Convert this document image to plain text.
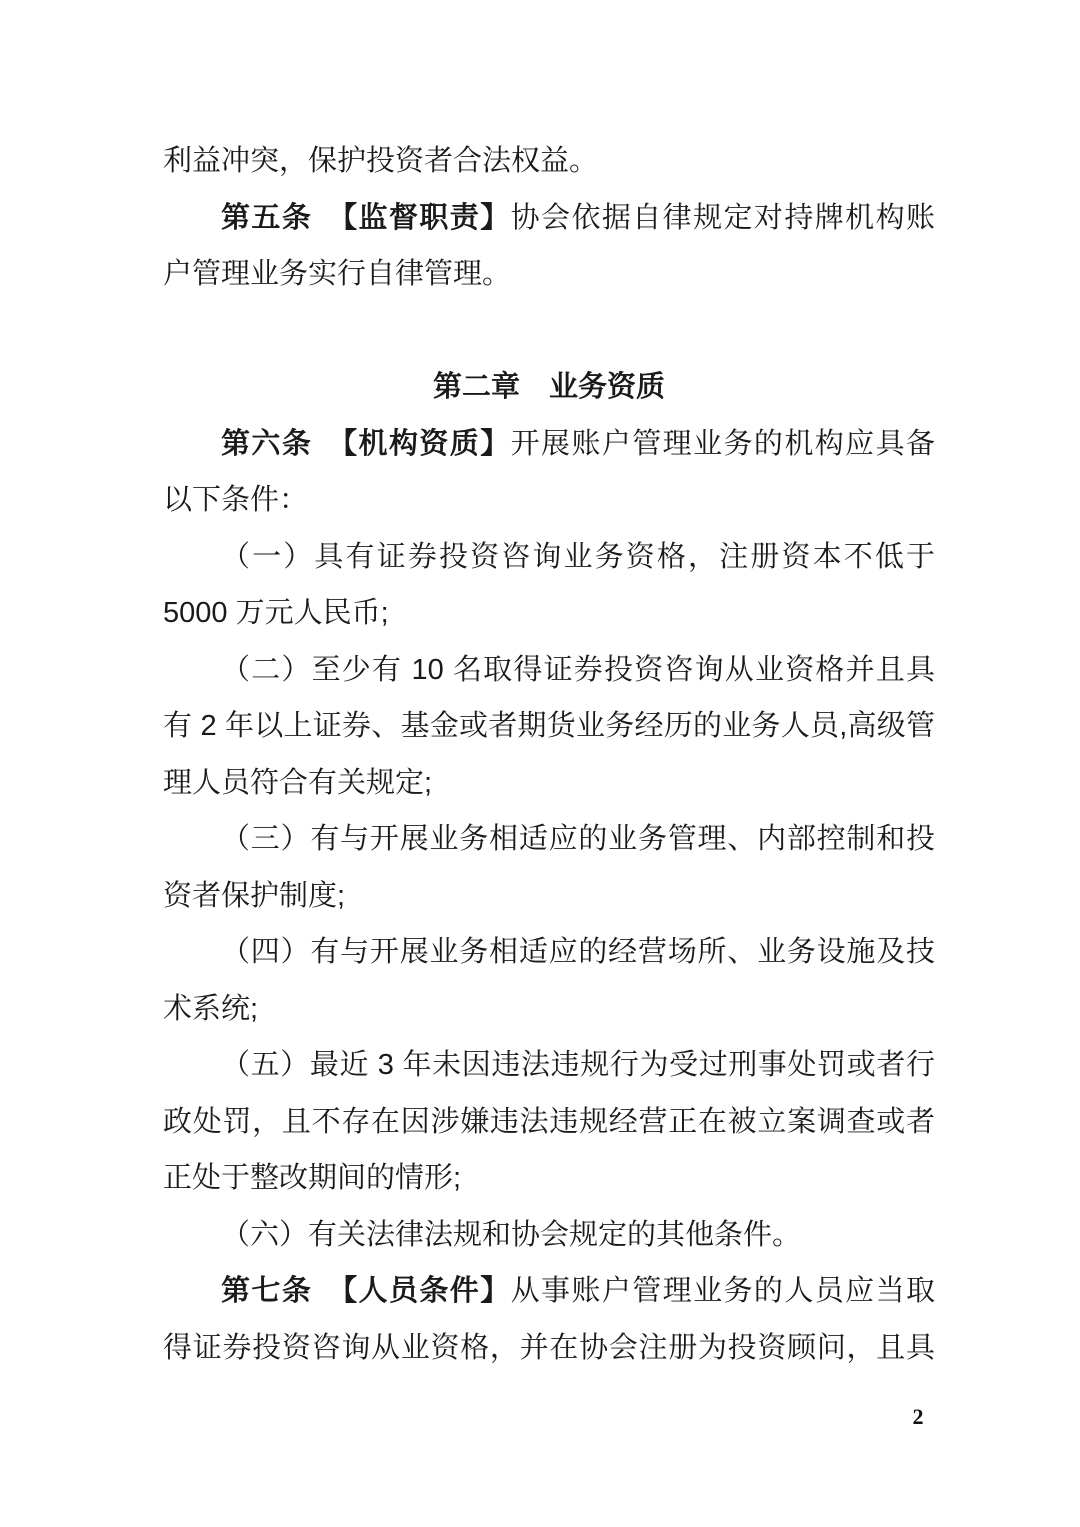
利益冲突，保护投资者合法权益。
第五条　【监督职责】协会依据自律规定对持牌机构账
户管理业务实行自律管理。
第二章　业务资质
第六条　【机构资质】开展账户管理业务的机构应具备
以下条件：
（一）具有证券投资咨询业务资格，注册资本不低于
5000 万元人民币;
（二）至少有 10 名取得证券投资咨询从业资格并且具
有 2 年以上证券、基金或者期货业务经历的业务人员,高级管
理人员符合有关规定;
（三）有与开展业务相适应的业务管理、内部控制和投
资者保护制度;
（四）有与开展业务相适应的经营场所、业务设施及技
术系统;
（五）最近 3 年未因违法违规行为受过刑事处罚或者行
政处罚，且不存在因涉嫌违法违规经营正在被立案调查或者
正处于整改期间的情形;
（六）有关法律法规和协会规定的其他条件。
第七条　【人员条件】从事账户管理业务的人员应当取
得证券投资咨询从业资格，并在协会注册为投资顾问，且具
2
